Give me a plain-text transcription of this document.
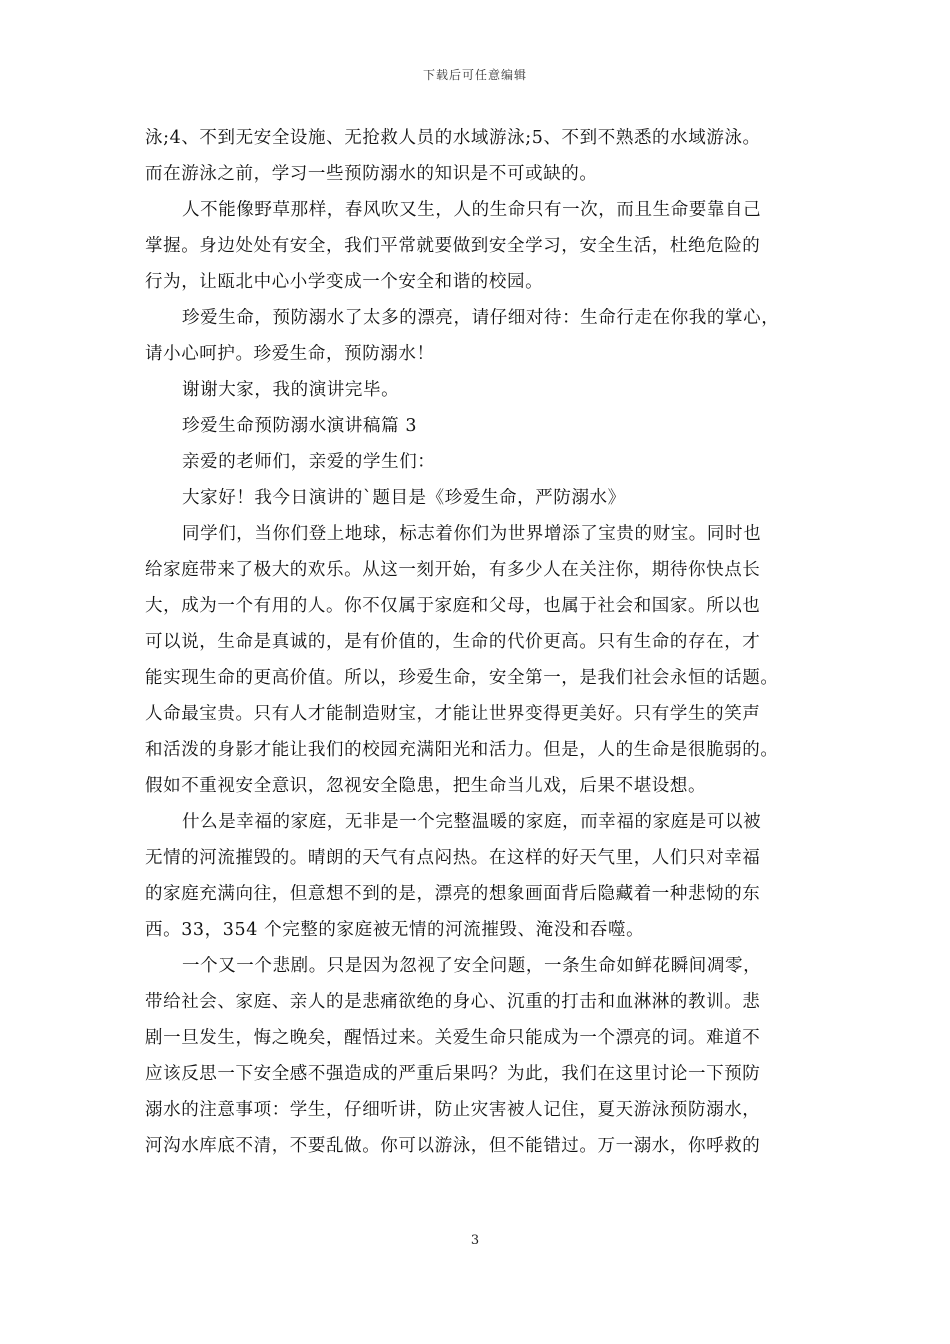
下载后可任意编辑
泳;4、不到无安全设施、无抢救人员的水域游泳;5、不到不熟悉的水域游泳。
而在游泳之前，学习一些预防溺水的知识是不可或缺的。
人不能像野草那样，春风吹又生，人的生命只有一次，而且生命要靠自己
掌握。身边处处有安全，我们平常就要做到安全学习，安全生活，杜绝危险的
行为，让瓯北中心小学变成一个安全和谐的校园。
珍爱生命，预防溺水了太多的漂亮，请仔细对待：生命行走在你我的掌心，
请小心呵护。珍爱生命，预防溺水！
谢谢大家，我的演讲完毕。
珍爱生命预防溺水演讲稿篇 3
亲爱的老师们，亲爱的学生们：
大家好！我今日演讲的`题目是《珍爱生命，严防溺水》
同学们，当你们登上地球，标志着你们为世界增添了宝贵的财宝。同时也
给家庭带来了极大的欢乐。从这一刻开始，有多少人在关注你，期待你快点长
大，成为一个有用的人。你不仅属于家庭和父母，也属于社会和国家。所以也
可以说，生命是真诚的，是有价值的，生命的代价更高。只有生命的存在，才
能实现生命的更高价值。所以，珍爱生命，安全第一，是我们社会永恒的话题。
人命最宝贵。只有人才能制造财宝，才能让世界变得更美好。只有学生的笑声
和活泼的身影才能让我们的校园充满阳光和活力。但是，人的生命是很脆弱的。
假如不重视安全意识，忽视安全隐患，把生命当儿戏，后果不堪设想。
什么是幸福的家庭，无非是一个完整温暖的家庭，而幸福的家庭是可以被
无情的河流摧毁的。晴朗的天气有点闷热。在这样的好天气里，人们只对幸福
的家庭充满向往，但意想不到的是，漂亮的想象画面背后隐藏着一种悲恸的东
西。33，354 个完整的家庭被无情的河流摧毁、淹没和吞噬。
一个又一个悲剧。只是因为忽视了安全问题，一条生命如鲜花瞬间凋零，
带给社会、家庭、亲人的是悲痛欲绝的身心、沉重的打击和血淋淋的教训。悲
剧一旦发生，悔之晚矣，醒悟过来。关爱生命只能成为一个漂亮的词。难道不
应该反思一下安全感不强造成的严重后果吗？为此，我们在这里讨论一下预防
溺水的注意事项：学生，仔细听讲，防止灾害被人记住，夏天游泳预防溺水，
河沟水库底不清，不要乱做。你可以游泳，但不能错过。万一溺水，你呼救的
3
